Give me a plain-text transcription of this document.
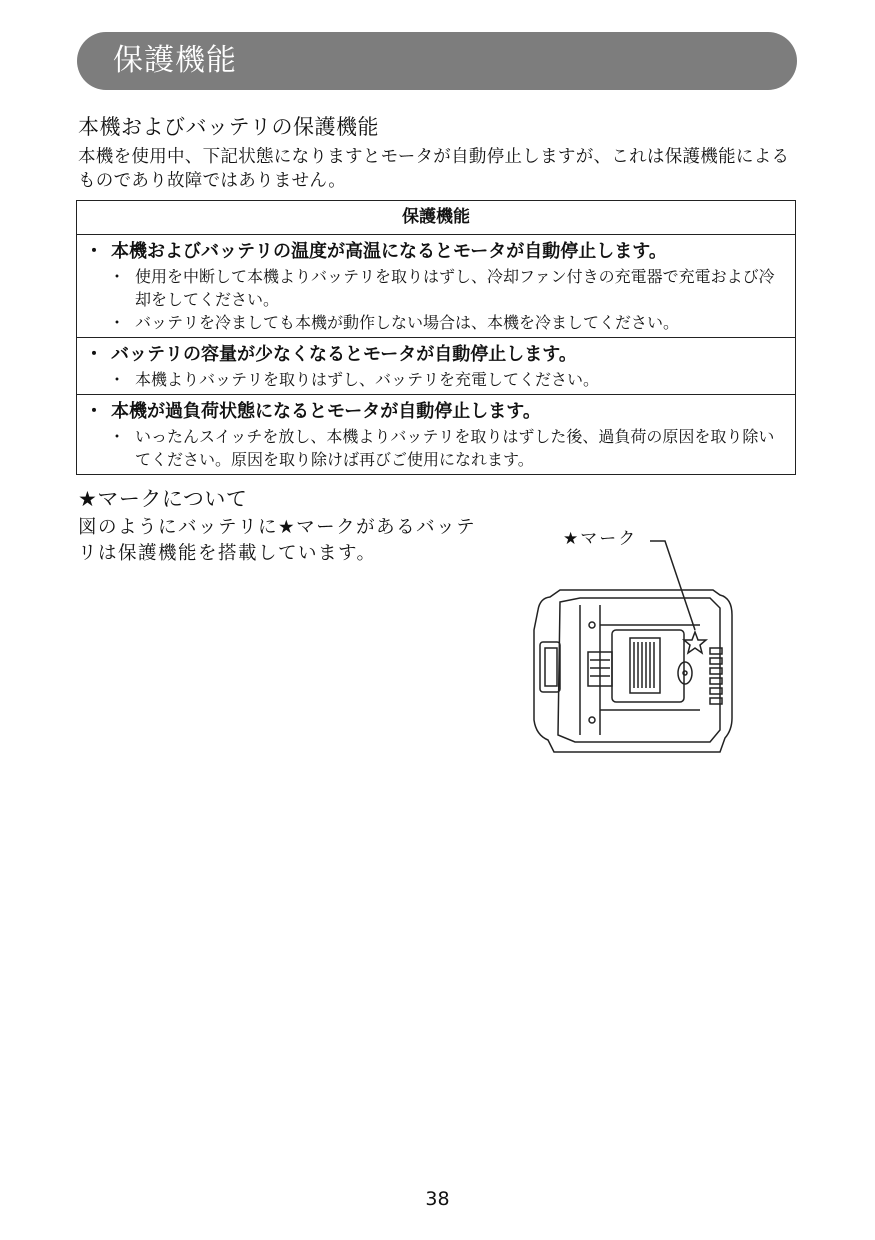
保護機能
本機およびバッテリの保護機能
本機を使用中、下記状態になりますとモータが自動停止しますが、これは保護機能によるものであり故障ではありません。
保護機能
・ 本機およびバッテリの温度が高温になるとモータが自動停止します。
・ 使用を中断して本機よりバッテリを取りはずし、冷却ファン付きの充電器で充電および冷却をしてください。
・ バッテリを冷ましても本機が動作しない場合は、本機を冷ましてください。
・ バッテリの容量が少なくなるとモータが自動停止します。
・ 本機よりバッテリを取りはずし、バッテリを充電してください。
・ 本機が過負荷状態になるとモータが自動停止します。
・ いったんスイッチを放し、本機よりバッテリを取りはずした後、過負荷の原因を取り除いてください。原因を取り除けば再びご使用になれます。
★マークについて
図のようにバッテリに★マークがあるバッテリは保護機能を搭載しています。
★マーク
38
